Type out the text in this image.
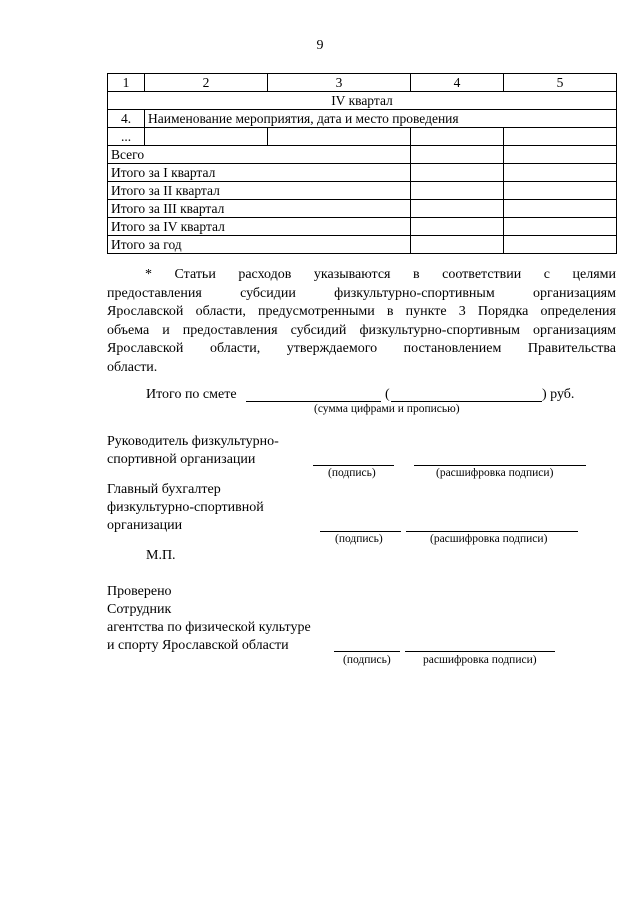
9
1	2	3	4	5
IV квартал				
4.	Наименование мероприятия, дата и место проведения			
...				
Всего				
Итого за I квартал				
Итого за II квартал				
Итого за III квартал				
Итого за IV квартал				
Итого за год				
* Статьи расходов указываются в соответствии с целями
предоставления субсидии физкультурно-спортивным организациям
Ярославской области, предусмотренными в пункте 3 Порядка определения
объема и предоставления субсидий физкультурно-спортивным организациям
Ярославской области, утверждаемого постановлением Правительства
области.
Итого по смете	(	) руб.
(сумма цифрами и прописью)
Руководитель физкультурно-
спортивной организации
(подпись)	(расшифровка подписи)
Главный бухгалтер
физкультурно-спортивной
организации
(подпись)	(расшифровка подписи)
М.П.
Проверено
Сотрудник
агентства по физической культуре
и спорту Ярославской области
(подпись)	расшифровка подписи)
